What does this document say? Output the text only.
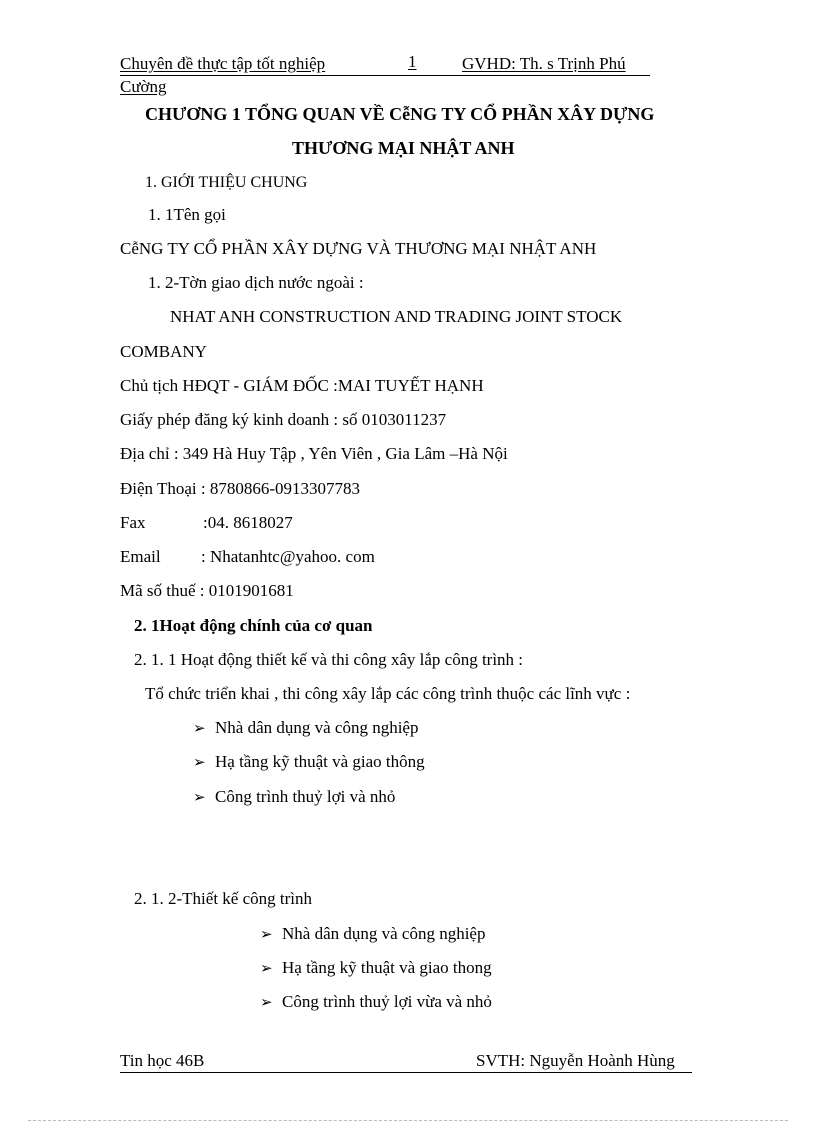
Chuyên đề thực tập tốt nghiệp	1	GVHD: Th. s Trịnh Phú
Cường
CHƯƠNG 1 TỔNG QUAN VỀ CễNG TY CỔ PHẦN XÂY DỰNG
THƯƠNG MẠI NHẬT ANH
1. GIỚI THIỆU CHUNG
1. 1Tên gọi
CễNG TY CỔ PHẦN XÂY DỰNG VÀ THƯƠNG MẠI NHẬT ANH
1. 2-Tờn giao dịch nước ngoài :
NHAT ANH CONSTRUCTION AND TRADING JOINT STOCK
COMBANY
Chủ tịch HĐQT - GIÁM ĐỐC :MAI TUYẾT HẠNH
Giấy phép đăng ký kinh doanh : số 0103011237
Địa chỉ : 349 Hà Huy Tập , Yên Viên , Gia Lâm –Hà Nội
Điện Thoại : 8780866-0913307783
Fax	:04. 8618027
Email : Nhatanhtc@yahoo. com
Mã số thuế : 0101901681
2. 1Hoạt động chính của cơ quan
2. 1. 1 Hoạt động thiết kế và thi công xây lắp công trình :
Tổ chức triển khai , thi công xây lắp các công trình thuộc các lĩnh vực :
➢ Nhà dân dụng và công nghiệp
➢ Hạ tầng kỹ thuật và giao thông
➢ Công trình thuỷ lợi và nhỏ
2. 1. 2-Thiết kế công trình
➢ Nhà dân dụng và công nghiệp
➢ Hạ tầng kỹ thuật và giao thong
➢ Công trình thuỷ lợi vừa và nhỏ
Tin học 46B	SVTH: Nguyễn Hoành Hùng
